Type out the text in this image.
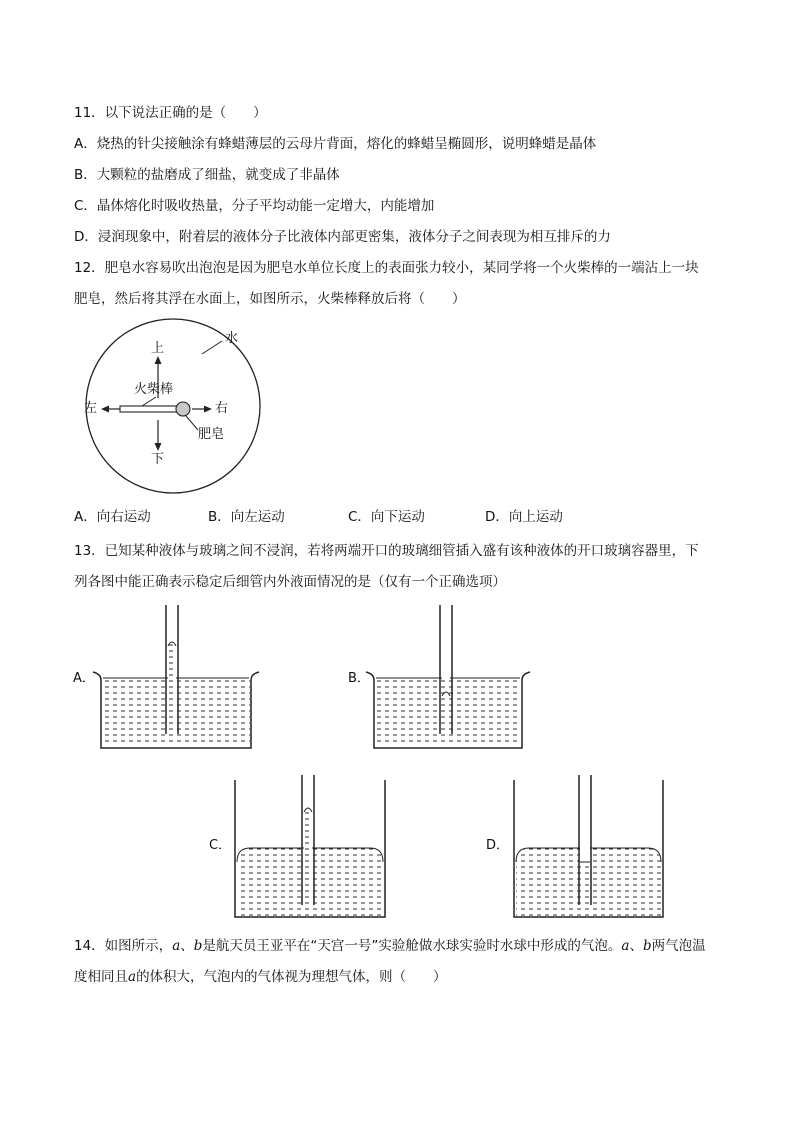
11．以下说法正确的是（　　）
A．烧热的针尖接触涂有蜂蜡薄层的云母片背面，熔化的蜂蜡呈椭圆形，说明蜂蜡是晶体
B．大颗粒的盐磨成了细盐，就变成了非晶体
C．晶体熔化时吸收热量，分子平均动能一定增大，内能增加
D．浸润现象中，附着层的液体分子比液体内部更密集，液体分子之间表现为相互排斥的力
12．肥皂水容易吹出泡泡是因为肥皂水单位长度上的表面张力较小，某同学将一个火柴棒的一端沾上一块
肥皂，然后将其浮在水面上，如图所示，火柴棒释放后将（　　）
水
上
火柴棒
左	右
肥皂
下
A．向右运动	B．向左运动	C．向下运动	D．向上运动
13．已知某种液体与玻璃之间不浸润，若将两端开口的玻璃细管插入盛有该种液体的开口玻璃容器里，下
列各图中能正确表示稳定后细管内外液面情况的是（仅有一个正确选项）
A．	B．
C．	D．
14．如图所示，a、b是航天员王亚平在“天宫一号”实验舱做水球实验时水球中形成的气泡。a、b两气泡温
度相同且a的体积大，气泡内的气体视为理想气体，则（　　）
